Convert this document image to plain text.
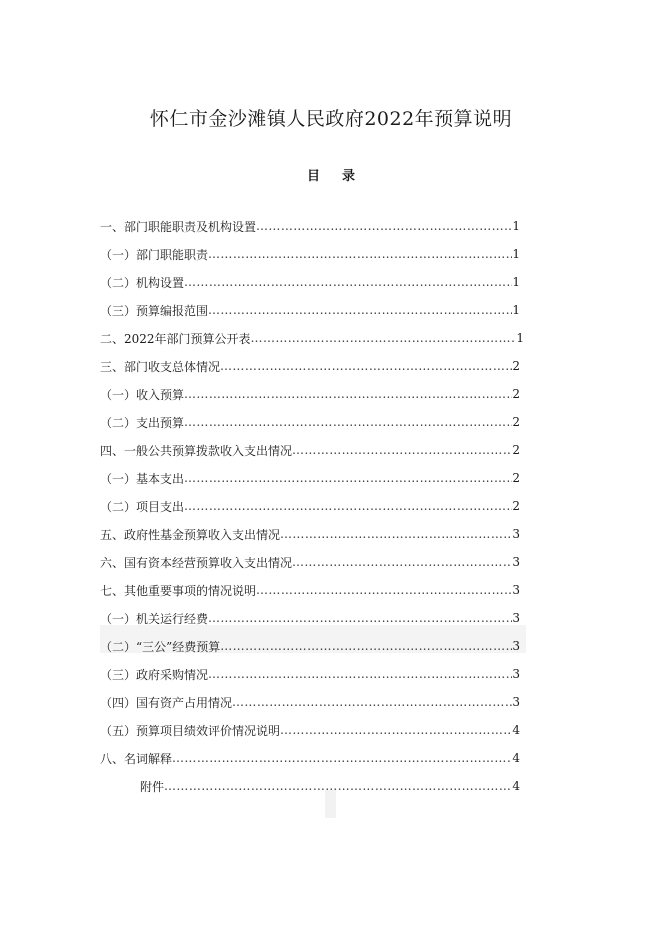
怀仁市金沙滩镇人民政府2022年预算说明
目 录
一、部门职能职责及机构设置 ……………………………………………………………………………………………………………………………………………………………………………………………………	1
（一）部门职能职责 ……………………………………………………………………………………………………………………………………………………………………………………………………	1
（二）机构设置 ……………………………………………………………………………………………………………………………………………………………………………………………………	1
（三）预算编报范围 ……………………………………………………………………………………………………………………………………………………………………………………………………	1
二、2022年部门预算公开表 ……………………………………………………………………………………………………………………………………………………………………………………………………	1
三、部门收支总体情况 ……………………………………………………………………………………………………………………………………………………………………………………………………	2
（一）收入预算 ……………………………………………………………………………………………………………………………………………………………………………………………………	2
（二）支出预算 ……………………………………………………………………………………………………………………………………………………………………………………………………	2
四、一般公共预算拨款收入支出情况 ……………………………………………………………………………………………………………………………………………………………………………………………………	2
（一）基本支出 ……………………………………………………………………………………………………………………………………………………………………………………………………	2
（二）项目支出 ……………………………………………………………………………………………………………………………………………………………………………………………………	2
五、政府性基金预算收入支出情况 ……………………………………………………………………………………………………………………………………………………………………………………………………	3
六、国有资本经营预算收入支出情况 ……………………………………………………………………………………………………………………………………………………………………………………………………	3
七、其他重要事项的情况说明 ……………………………………………………………………………………………………………………………………………………………………………………………………	3
（一）机关运行经费 ……………………………………………………………………………………………………………………………………………………………………………………………………	3
（二）“三公”经费预算 ……………………………………………………………………………………………………………………………………………………………………………………………………	3
（三）政府采购情况 ……………………………………………………………………………………………………………………………………………………………………………………………………	3
（四）国有资产占用情况 ……………………………………………………………………………………………………………………………………………………………………………………………………	3
（五）预算项目绩效评价情况说明 ……………………………………………………………………………………………………………………………………………………………………………………………………	4
八、名词解释 ……………………………………………………………………………………………………………………………………………………………………………………………………	4
附件 ……………………………………………………………………………………………………………………………………………………………………………………………………	4
